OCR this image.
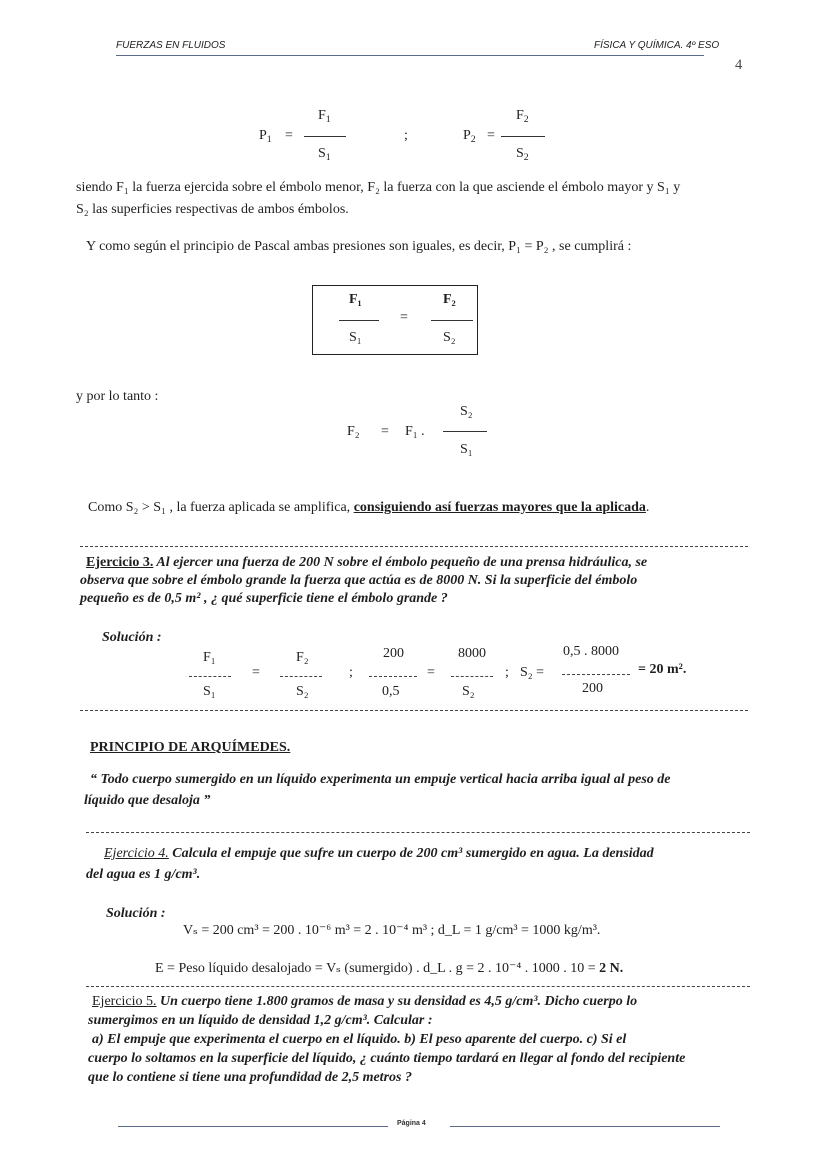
FUERZAS EN FLUIDOS	FÍSICA Y QUÍMICA. 4º ESO
4
$P_1$ =
$F_1$
$S_1$
;	$P_2$ =
$F_2$
$S_2$
siendo F₁ la fuerza ejercida sobre el émbolo menor, F₂ la fuerza con la que asciende el émbolo mayor y S₁ y
S₂ las superficies respectivas de ambos émbolos.
Y como según el principio de Pascal ambas presiones son iguales, es decir, P₁ = P₂ , se cumplirá :
F₁
S₁
=
F₂
S₂
y por lo tanto :
F₂ = F₁ .
S₂
S₁
Como S₂ > S₁ , la fuerza aplicada se amplifica, consiguiendo así fuerzas mayores que la aplicada.
Ejercicio 3. Al ejercer una fuerza de 200 N sobre el émbolo pequeño de una prensa hidráulica, se
observa que sobre el émbolo grande la fuerza que actúa es de 8000 N. Si la superficie del émbolo
pequeño es de 0,5 m² , ¿ qué superficie tiene el émbolo grande ?
Solución :
F₁
S₁
=
F₂
S₂
;
200
0,5
=
8000
S₂
; S₂ =
0,5 . 8000
200
= 20 m².
PRINCIPIO DE ARQUÍMEDES.
“ Todo cuerpo sumergido en un líquido experimenta un empuje vertical hacia arriba igual al peso de
líquido que desaloja ”
Ejercicio 4. Calcula el empuje que sufre un cuerpo de 200 cm³ sumergido en agua. La densidad
del agua es 1 g/cm³.
Solución :
Vₛ = 200 cm³ = 200 . 10⁻⁶ m³ = 2 . 10⁻⁴ m³ ; d_L = 1 g/cm³ = 1000 kg/m³.
E = Peso líquido desalojado = Vₛ (sumergido) . d_L . g = 2 . 10⁻⁴ . 1000 . 10 = 2 N.
Ejercicio 5. Un cuerpo tiene 1.800 gramos de masa y su densidad es 4,5 g/cm³. Dicho cuerpo lo
sumergimos en un líquido de densidad 1,2 g/cm³. Calcular :
a) El empuje que experimenta el cuerpo en el líquido. b) El peso aparente del cuerpo. c) Si el
cuerpo lo soltamos en la superficie del líquido, ¿ cuánto tiempo tardará en llegar al fondo del recipiente
que lo contiene si tiene una profundidad de 2,5 metros ?
Página 4
